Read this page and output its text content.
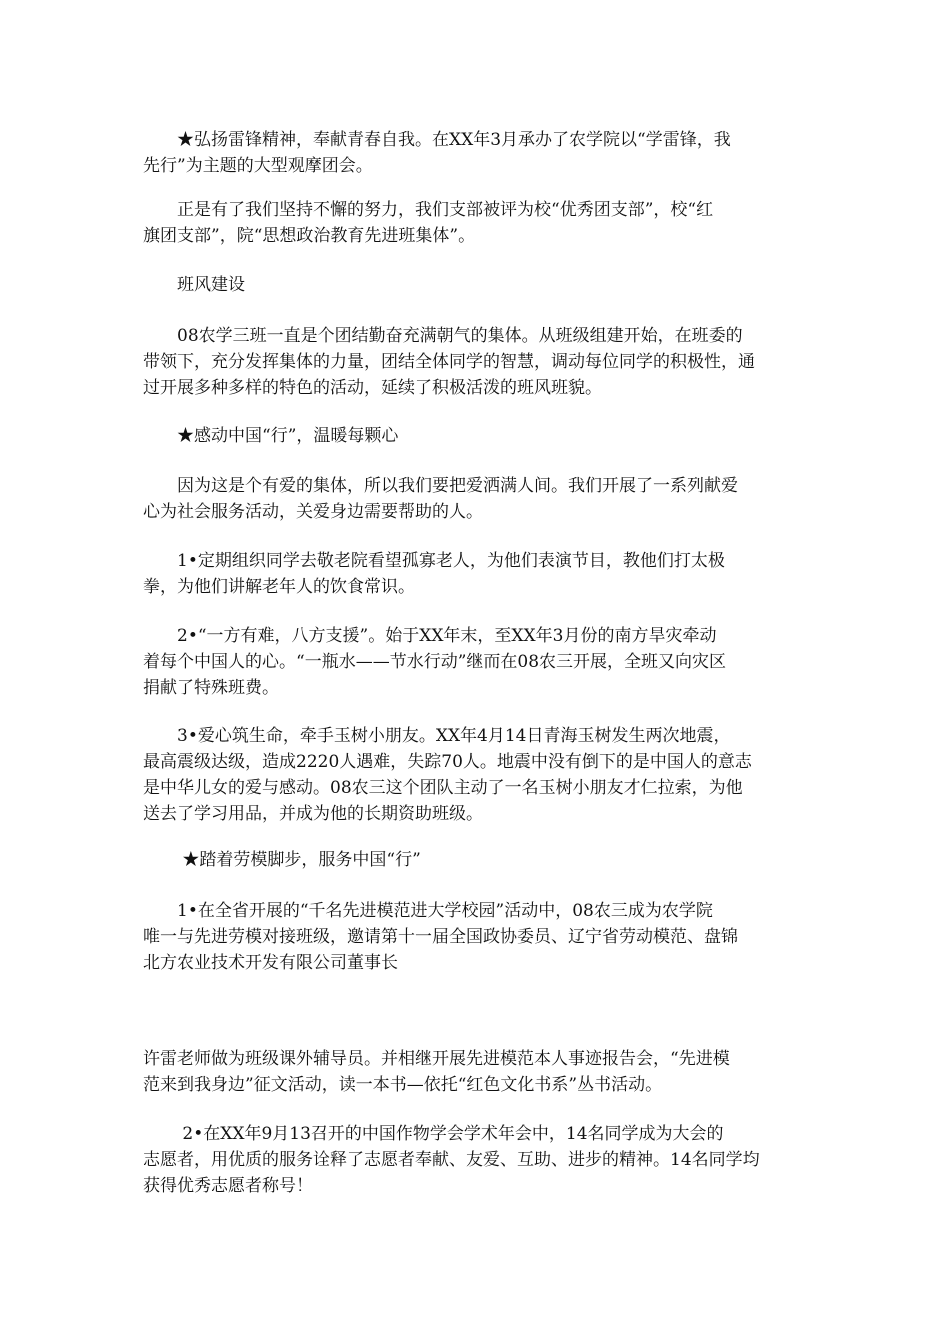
　　★弘扬雷锋精神，奉献青春自我。在XX年3月承办了农学院以“学雷锋，我
先行”为主题的大型观摩团会。

　　正是有了我们坚持不懈的努力，我们支部被评为校“优秀团支部”，校“红
旗团支部”，院“思想政治教育先进班集体”。

　　班风建设

　　08农学三班一直是个团结勤奋充满朝气的集体。从班级组建开始，在班委的
带领下，充分发挥集体的力量，团结全体同学的智慧，调动每位同学的积极性，通
过开展多种多样的特色的活动，延续了积极活泼的班风班貌。

　　★感动中国“行”，温暖每颗心

　　因为这是个有爱的集体，所以我们要把爱洒满人间。我们开展了一系列献爱
心为社会服务活动，关爱身边需要帮助的人。

　　1•定期组织同学去敬老院看望孤寡老人，为他们表演节目，教他们打太极
拳，为他们讲解老年人的饮食常识。

　　2•“一方有难，八方支援”。始于XX年末，至XX年3月份的南方旱灾牵动
着每个中国人的心。“一瓶水——节水行动”继而在08农三开展，全班又向灾区
捐献了特殊班费。

　　3•爱心筑生命，牵手玉树小朋友。XX年4月14日青海玉树发生两次地震，
最高震级达级，造成2220人遇难，失踪70人。地震中没有倒下的是中国人的意志
是中华儿女的爱与感动。08农三这个团队主动了一名玉树小朋友才仁拉索，为他
送去了学习用品，并成为他的长期资助班级。

　　 ★踏着劳模脚步，服务中国“行”

　　1•在全省开展的“千名先进模范进大学校园”活动中，08农三成为农学院
唯一与先进劳模对接班级，邀请第十一届全国政协委员、辽宁省劳动模范、盘锦
北方农业技术开发有限公司董事长

许雷老师做为班级课外辅导员。并相继开展先进模范本人事迹报告会，“先进模
范来到我身边”征文活动，读一本书—依托“红色文化书系”丛书活动。

　　 2•在XX年9月13召开的中国作物学会学术年会中，14名同学成为大会的
志愿者，用优质的服务诠释了志愿者奉献、友爱、互助、进步的精神。14名同学均
获得优秀志愿者称号！
